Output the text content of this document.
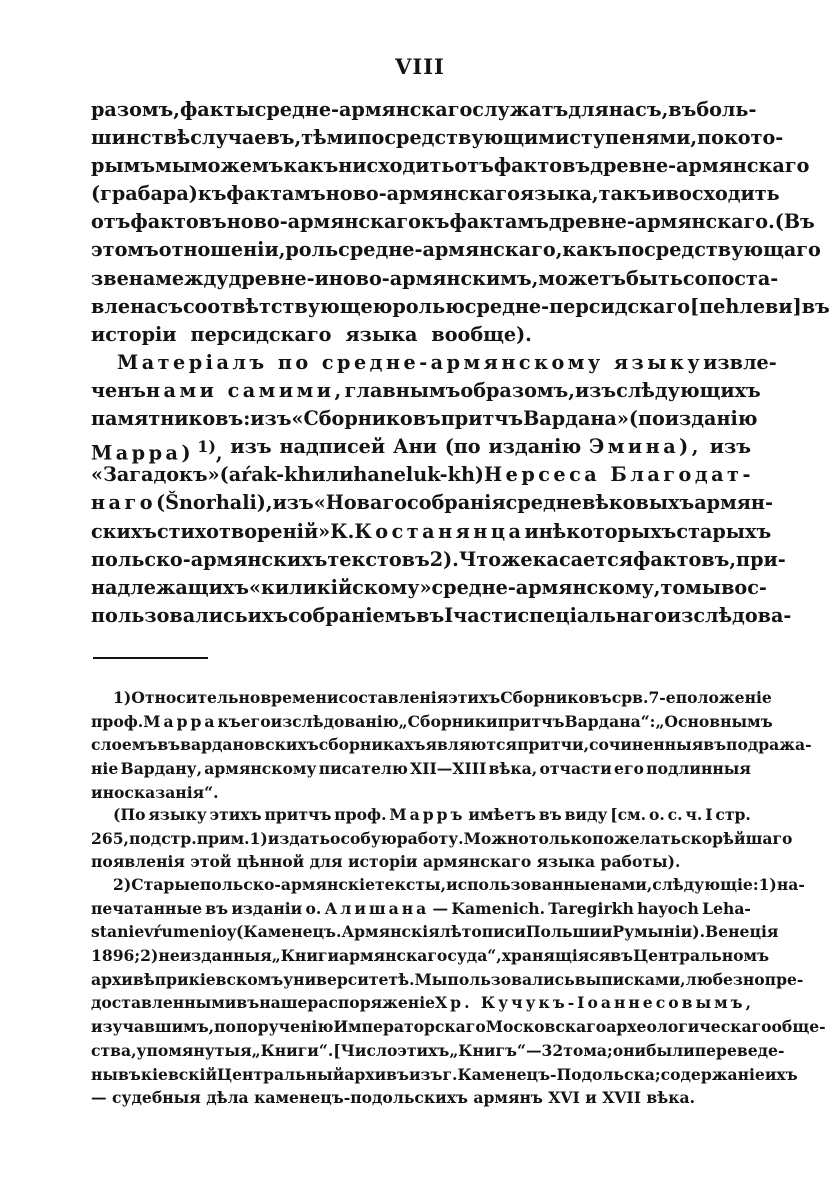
VIII
разомъ, факты средне-армянскаго служатъ для насъ, въ боль-
шинствѣ случаевъ, тѣми посредствующими ступенями, по кото-
рымъ мы можемъ какъ нисходить отъ фактовъ древне-армянскаго
(грабара) къ фактамъ ново-армянскаго языка, такъ и восходить
отъ фактовъ ново-армянскаго къ фактамъ древне-армянскаго. (Въ
этомъ отношеніи, роль средне-армянскаго, какъ посредствующаго
звена между древне- и ново-армянскимъ, можетъ быть сопоста-
влена съ соотвѣтствующею ролью средне-персидскаго [пеhлеви] въ
исторіи персидскаго языка вообще).
Матеріалъ по средне-армянскому языку извле-
ченъ нами самими, главнымъ образомъ, изъ слѣдующихъ
памятниковъ: изъ «Сборниковъ притчъ Вардана» (по изданію
Марра) $^{1)}$, изъ надписей Ани (по изданію Эмина), изъ
«Загадокъ» (aŕak-kh или haneluk-kh) Нерсеса Благодат-
наго (Šnorhali), изъ «Новаго собранія средневѣковыхъ армян-
скихъ стихотвореній» К. Костанянца и нѣкоторыхъ старыхъ
польско-армянскихъ текстовъ 2). Что же касается фактовъ, при-
надлежащихъ «киликійскому» средне-армянскому, то мы вос-
пользовались ихъ собраніемъ въ I части спеціальнаго изслѣдова-
1) Относительно времени составленія этихъ Сборниковъ срв. 7-е положеніе
проф. Марра къ его изслѣдованію „Сборники притчъ Вардана“: „Основнымъ
слоемъ въ вардановскихъ сборникахъ являются притчи, сочиненныя въ подража-
ніе Вардану, армянскому писателю XII—XIII вѣка, отчасти его подлинныя
иносказанія“.
(По языку этихъ притчъ проф. Марръ имѣетъ въ виду [см. о. с. ч. I стр.
265, подстр. прим. 1) издать особую работу. Можно только пожелать скорѣйшаго
появленія этой цѣнной для исторіи армянскаго языка работы).
2) Старые польско-армянскіе тексты, использованные нами, слѣдующіе: 1) на-
печатанные въ изданіи о. Алишана — Kamenich. Taregirkh hayoch Leha-
stani ev ŕumenioy (Каменецъ. Армянскія лѣтописи Польши и Румыніи). Венеція
1896; 2) неизданныя „Книги армянскаго суда“, хранящіяся въ Центральномъ
архивѣ при кіевскомъ университетѣ. Мы пользовались выписками, любезно пре-
доставленными въ наше распоряженіе Хр. Кучукъ-Іоаннесовымъ,
изучавшимъ, по порученію Императорскаго Московскаго археологическаго обще-
ства, упомянутыя „Книги“. [Число этихъ „Книгъ“ — 32 тома; они были переведе-
ны въ кіевскій Центральный архивъ изъ г. Каменецъ-Подольска; содержаніе ихъ
— судебныя дѣла каменецъ-подольскихъ армянъ XVI и XVII вѣка.
